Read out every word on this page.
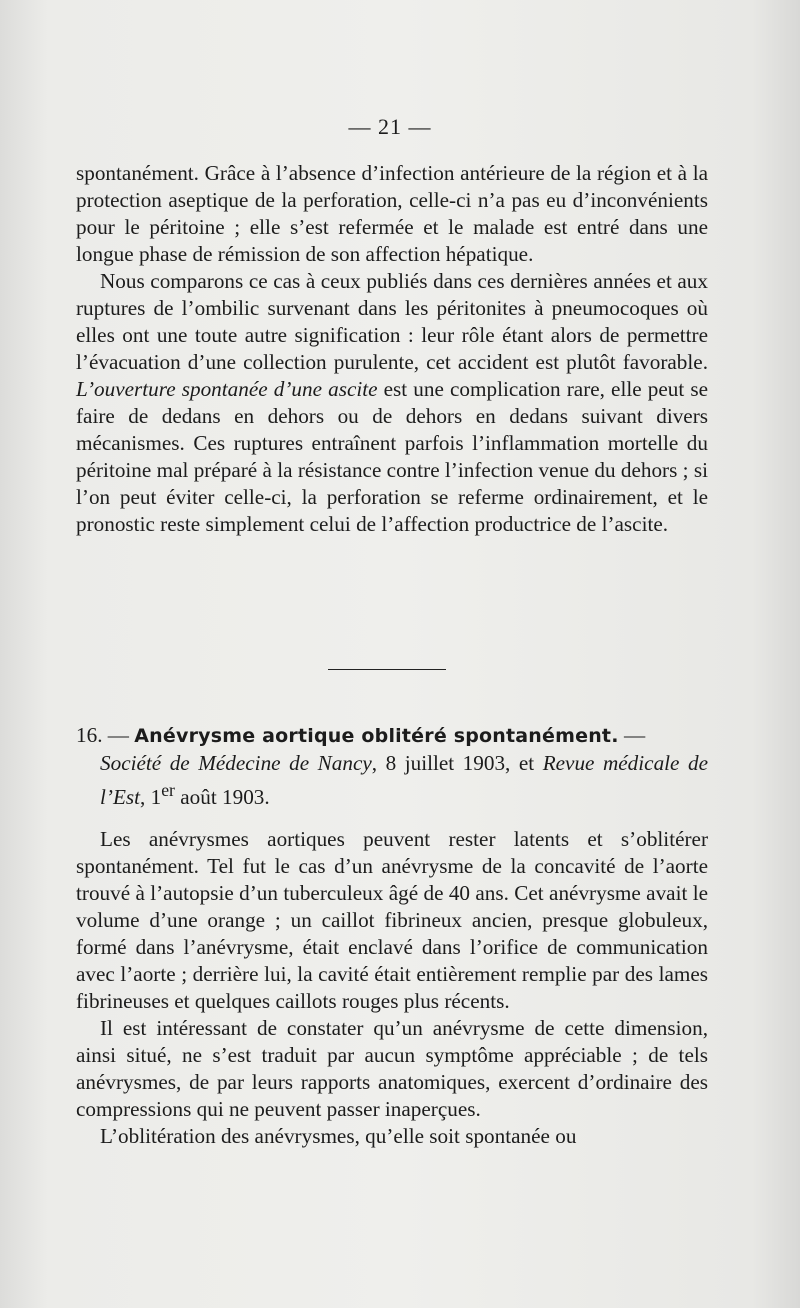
— 21 —

spontanément. Grâce à l’absence d’infection antérieure de la région et à la protection aseptique de la perforation, celle-ci n’a pas eu d’inconvénients pour le péritoine ; elle s’est refermée et le malade est entré dans une longue phase de rémission de son affection hépatique.

Nous comparons ce cas à ceux publiés dans ces dernières années et aux ruptures de l’ombilic survenant dans les péritonites à pneumocoques où elles ont une toute autre signification : leur rôle étant alors de permettre l’évacuation d’une collection purulente, cet accident est plutôt favorable. L’ouverture spontanée d’une ascite est une complication rare, elle peut se faire de dedans en dehors ou de dehors en dedans suivant divers mécanismes. Ces ruptures entraînent parfois l’inflammation mortelle du péritoine mal préparé à la résistance contre l’infection venue du dehors ; si l’on peut éviter celle-ci, la perforation se referme ordinairement, et le pronostic reste simplement celui de l’affection productrice de l’ascite.

16. — Anévrysme aortique oblitéré spontanément. —

Société de Médecine de Nancy, 8 juillet 1903, et Revue médicale de l’Est, 1er août 1903.

Les anévrysmes aortiques peuvent rester latents et s’oblitérer spontanément. Tel fut le cas d’un anévrysme de la concavité de l’aorte trouvé à l’autopsie d’un tuberculeux âgé de 40 ans. Cet anévrysme avait le volume d’une orange ; un caillot fibrineux ancien, presque globuleux, formé dans l’anévrysme, était enclavé dans l’orifice de communication avec l’aorte ; derrière lui, la cavité était entièrement remplie par des lames fibrineuses et quelques caillots rouges plus récents.

Il est intéressant de constater qu’un anévrysme de cette dimension, ainsi situé, ne s’est traduit par aucun symptôme appréciable ; de tels anévrysmes, de par leurs rapports anatomiques, exercent d’ordinaire des compressions qui ne peuvent passer inaperçues.

L’oblitération des anévrysmes, qu’elle soit spontanée ou
